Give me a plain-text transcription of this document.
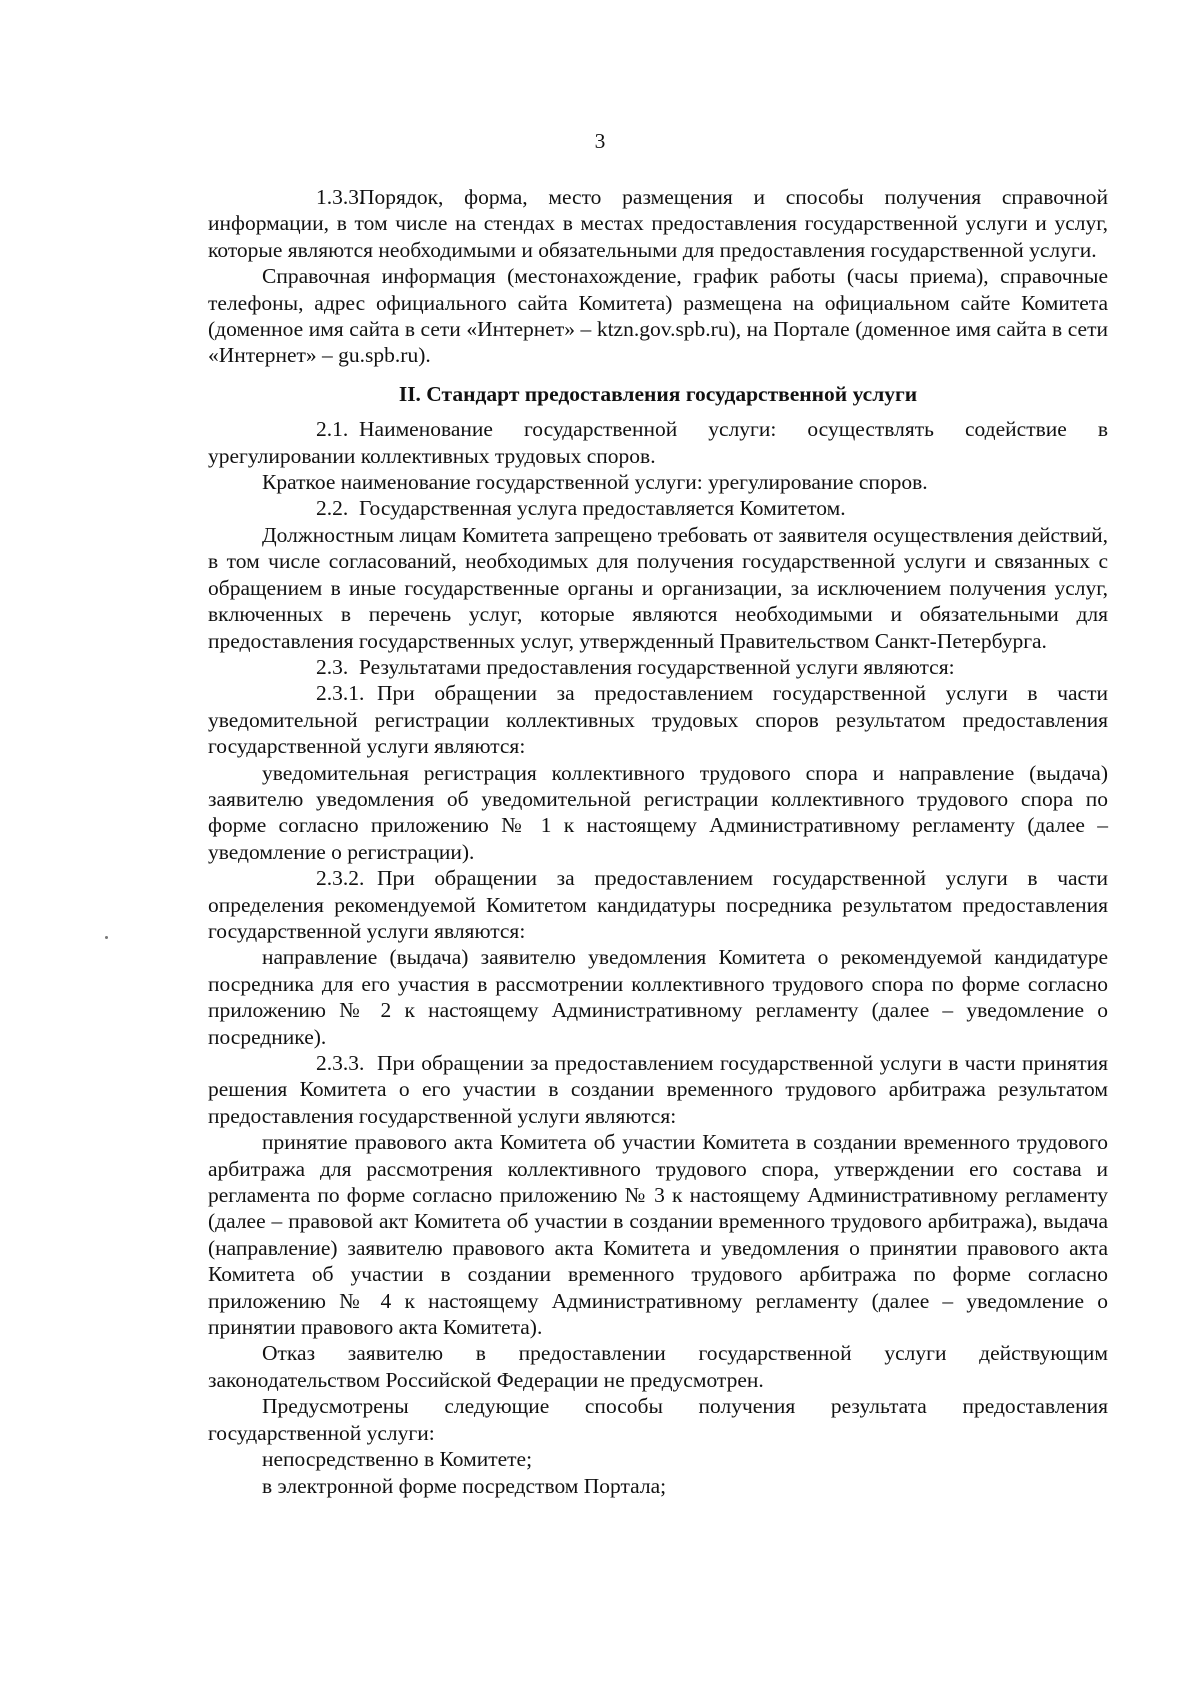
3

1.3.3.Порядок, форма, место размещения и способы получения справочной информации, в том числе на стендах в местах предоставления государственной услуги и услуг, которые являются необходимыми и обязательными для предоставления государственной услуги.

Справочная информация (местонахождение, график работы (часы приема), справочные телефоны, адрес официального сайта Комитета) размещена на официальном сайте Комитета (доменное имя сайта в сети «Интернет» – ktzn.gov.spb.ru), на Портале (доменное имя сайта в сети «Интернет» – gu.spb.ru).

II. Стандарт предоставления государственной услуги

2.1. Наименование государственной услуги: осуществлять содействие в урегулировании коллективных трудовых споров.

Краткое наименование государственной услуги: урегулирование споров.

2.2. Государственная услуга предоставляется Комитетом.

Должностным лицам Комитета запрещено требовать от заявителя осуществления действий, в том числе согласований, необходимых для получения государственной услуги и связанных с обращением в иные государственные органы и организации, за исключением получения услуг, включенных в перечень услуг, которые являются необходимыми и обязательными для предоставления государственных услуг, утвержденный Правительством Санкт-Петербурга.

2.3. Результатами предоставления государственной услуги являются:

2.3.1. При обращении за предоставлением государственной услуги в части уведомительной регистрации коллективных трудовых споров результатом предоставления государственной услуги являются:

уведомительная регистрация коллективного трудового спора и направление (выдача) заявителю уведомления об уведомительной регистрации коллективного трудового спора по форме согласно приложению № 1 к настоящему Административному регламенту (далее – уведомление о регистрации).

2.3.2. При обращении за предоставлением государственной услуги в части определения рекомендуемой Комитетом кандидатуры посредника результатом предоставления государственной услуги являются:

направление (выдача) заявителю уведомления Комитета о рекомендуемой кандидатуре посредника для его участия в рассмотрении коллективного трудового спора по форме согласно приложению № 2 к настоящему Административному регламенту (далее – уведомление о посреднике).

2.3.3. При обращении за предоставлением государственной услуги в части принятия решения Комитета о его участии в создании временного трудового арбитража результатом предоставления государственной услуги являются:

принятие правового акта Комитета об участии Комитета в создании временного трудового арбитража для рассмотрения коллективного трудового спора, утверждении его состава и регламента по форме согласно приложению № 3 к настоящему Административному регламенту (далее – правовой акт Комитета об участии в создании временного трудового арбитража), выдача (направление) заявителю правового акта Комитета и уведомления о принятии правового акта Комитета об участии в создании временного трудового арбитража по форме согласно приложению № 4 к настоящему Административному регламенту (далее – уведомление о принятии правового акта Комитета).

Отказ заявителю в предоставлении государственной услуги действующим законодательством Российской Федерации не предусмотрен.

Предусмотрены следующие способы получения результата предоставления государственной услуги:

непосредственно в Комитете;

в электронной форме посредством Портала;
